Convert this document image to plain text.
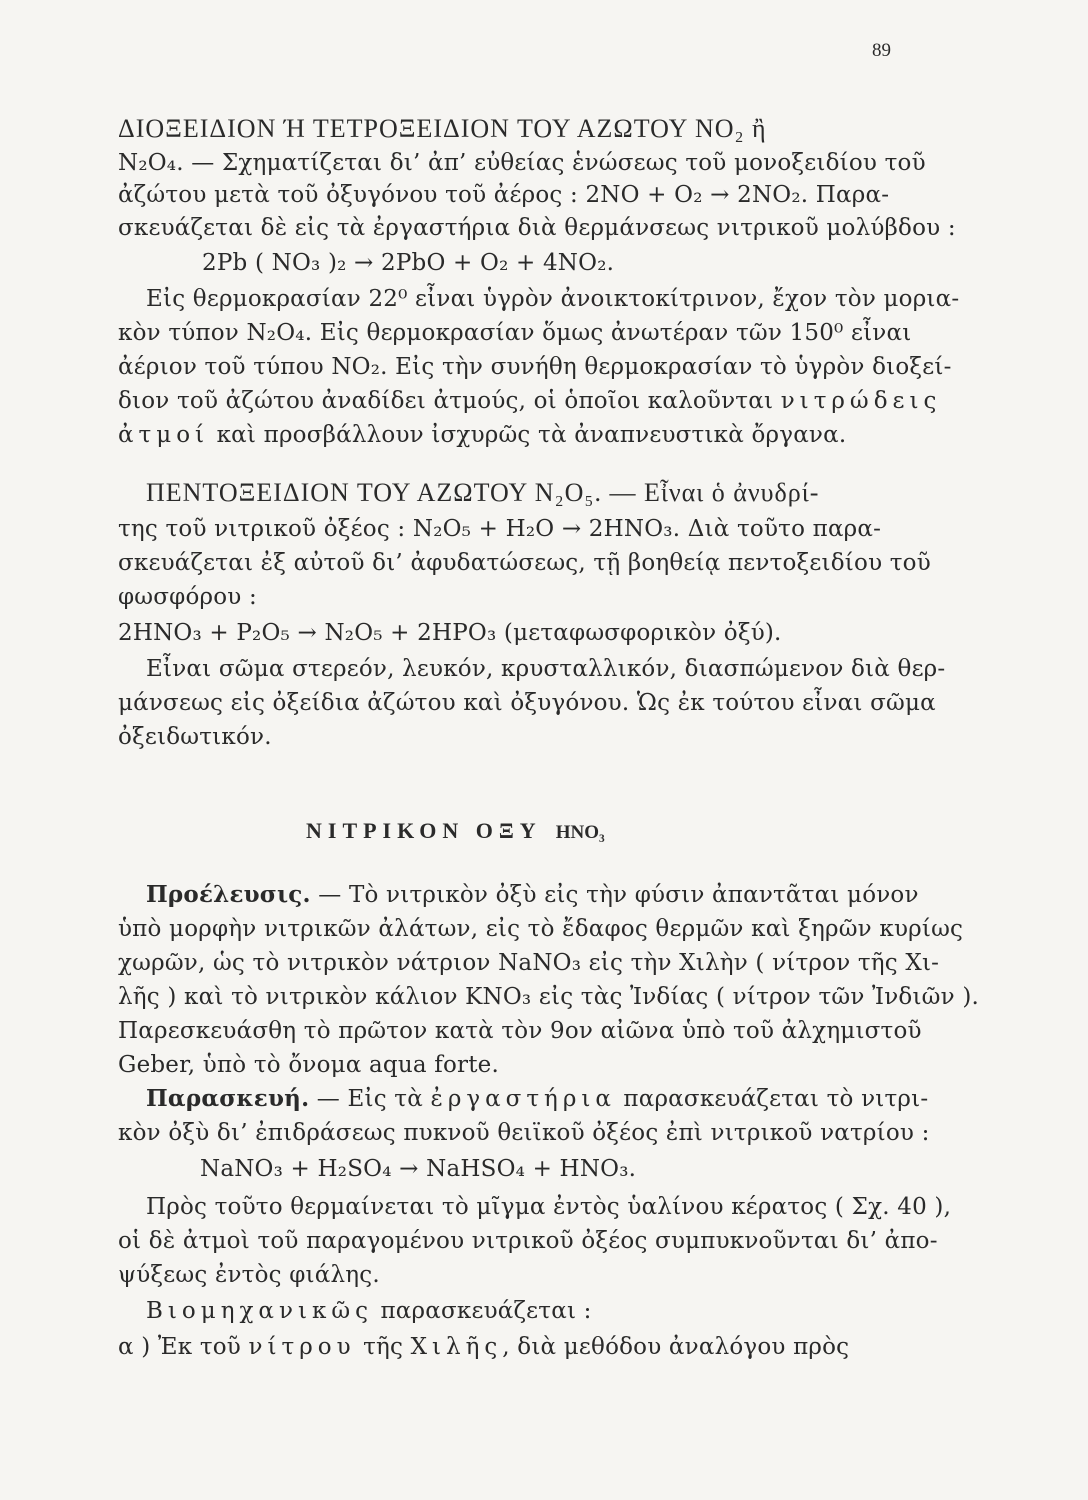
89
ΔΙΟΞΕΙΔΙΟΝ Ή ΤΕΤΡΟΞΕΙΔΙΟΝ ΤΟΥ ΑΖΩΤΟΥ NO₂ ἢ
N₂O₄. — Σχηματίζεται δι’ ἀπ’ εὐθείας ἑνώσεως τοῦ μονοξειδίου τοῦ
ἀζώτου μετὰ τοῦ ὀξυγόνου τοῦ ἀέρος : 2NO + O₂ → 2NO₂. Παρα-
σκευάζεται δὲ εἰς τὰ ἐργαστήρια διὰ θερμάνσεως νιτρικοῦ μολύβδου :
2Pb ( NO₃ )₂ → 2PbO + O₂ + 4NO₂.
Εἰς θερμοκρασίαν 22⁰ εἶναι ὑγρὸν ἀνοικτοκίτρινον, ἔχον τὸν μορια-
κὸν τύπον N₂O₄. Εἰς θερμοκρασίαν ὅμως ἀνωτέραν τῶν 150⁰ εἶναι
ἀέριον τοῦ τύπου NO₂. Εἰς τὴν συνήθη θερμοκρασίαν τὸ ὑγρὸν διοξεί-
διον τοῦ ἀζώτου ἀναδίδει ἀτμούς, οἱ ὁποῖοι καλοῦνται νιτρώδεις
ἀτμοί καὶ προσβάλλουν ἰσχυρῶς τὰ ἀναπνευστικὰ ὄργανα.
ΠΕΝΤΟΞΕΙΔΙΟΝ ΤΟΥ ΑΖΩΤΟΥ N₂O₅. — Εἶναι ὁ ἀνυδρί-
της τοῦ νιτρικοῦ ὀξέος : N₂O₅ + H₂O → 2HNO₃. Διὰ τοῦτο παρα-
σκευάζεται ἐξ αὐτοῦ δι’ ἀφυδατώσεως, τῇ βοηθείᾳ πεντοξειδίου τοῦ
φωσφόρου :
2HNO₃ + P₂O₅ → N₂O₅ + 2HPO₃ (μεταφωσφορικὸν ὀξύ).
Εἶναι σῶμα στερεόν, λευκόν, κρυσταλλικόν, διασπώμενον διὰ θερ-
μάνσεως εἰς ὀξείδια ἀζώτου καὶ ὀξυγόνου. Ὡς ἐκ τούτου εἶναι σῶμα
ὀξειδωτικόν.
ΝΙΤΡΙΚΟΝ ΟΞΥ HNO₃
Προέλευσις. — Τὸ νιτρικὸν ὀξὺ εἰς τὴν φύσιν ἀπαντᾶται μόνον
ὑπὸ μορφὴν νιτρικῶν ἀλάτων, εἰς τὸ ἔδαφος θερμῶν καὶ ξηρῶν κυρίως
χωρῶν, ὡς τὸ νιτρικὸν νάτριον NaNO₃ εἰς τὴν Χιλὴν ( νίτρον τῆς Χι-
λῆς ) καὶ τὸ νιτρικὸν κάλιον KNO₃ εἰς τὰς Ἰνδίας ( νίτρον τῶν Ἰνδιῶν ).
Παρεσκευάσθη τὸ πρῶτον κατὰ τὸν 9ον αἰῶνα ὑπὸ τοῦ ἀλχημιστοῦ
Geber, ὑπὸ τὸ ὄνομα aqua forte.
Παρασκευή. — Εἰς τὰ ἐργαστήρια παρασκευάζεται τὸ νιτρι-
κὸν ὀξὺ δι’ ἐπιδράσεως πυκνοῦ θειϊκοῦ ὀξέος ἐπὶ νιτρικοῦ νατρίου :
NaNO₃ + H₂SO₄ → NaHSO₄ + HNO₃.
Πρὸς τοῦτο θερμαίνεται τὸ μῖγμα ἐντὸς ὑαλίνου κέρατος ( Σχ. 40 ),
οἱ δὲ ἀτμοὶ τοῦ παραγομένου νιτρικοῦ ὀξέος συμπυκνοῦνται δι’ ἀπο-
ψύξεως ἐντὸς φιάλης.
Βιομηχανικῶς παρασκευάζεται :
α ) Ἐκ τοῦ νίτρου τῆς Χιλῆς, διὰ μεθόδου ἀναλόγου πρὸς
